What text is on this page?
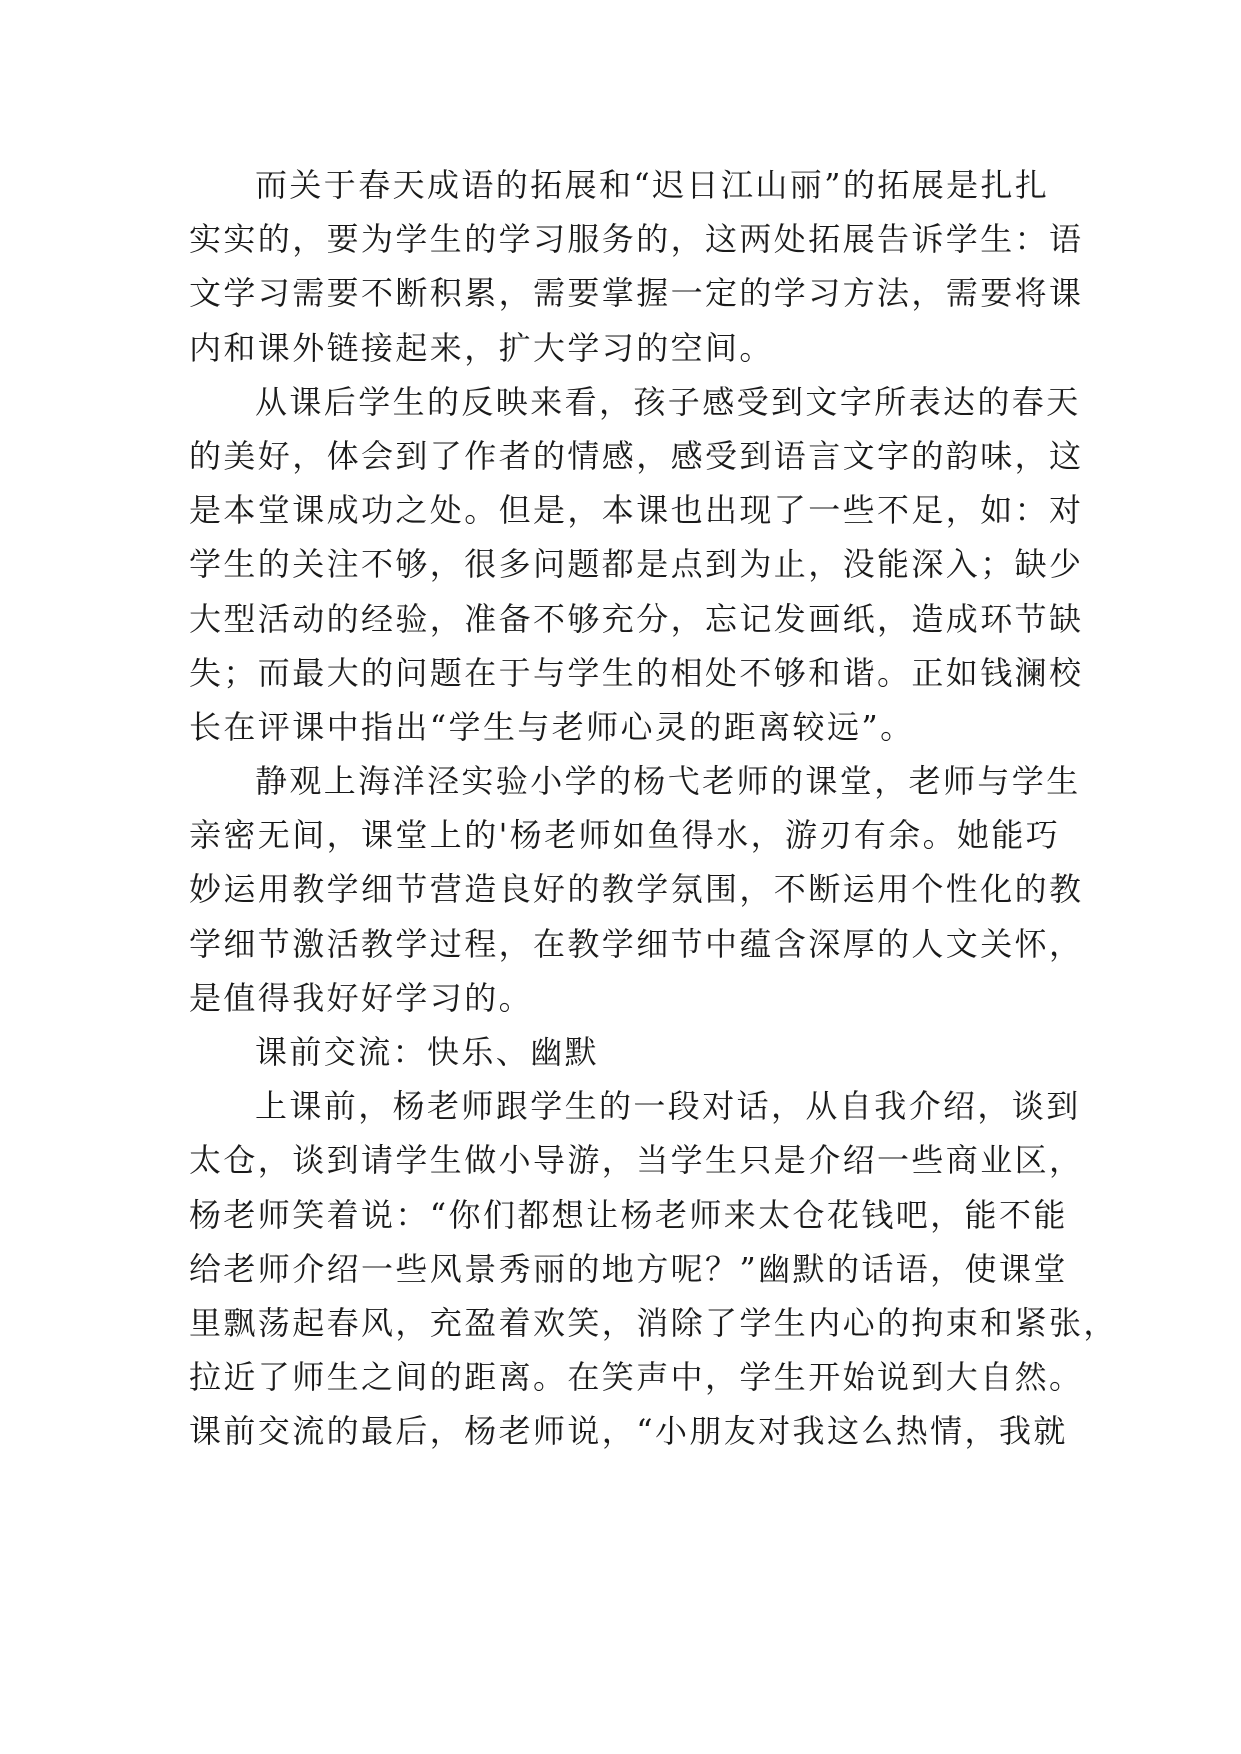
而关于春天成语的拓展和“迟日江山丽”的拓展是扎扎
实实的，要为学生的学习服务的，这两处拓展告诉学生：语
文学习需要不断积累，需要掌握一定的学习方法，需要将课
内和课外链接起来，扩大学习的空间。
从课后学生的反映来看，孩子感受到文字所表达的春天
的美好，体会到了作者的情感，感受到语言文字的韵味，这
是本堂课成功之处。但是，本课也出现了一些不足，如：对
学生的关注不够，很多问题都是点到为止，没能深入；缺少
大型活动的经验，准备不够充分，忘记发画纸，造成环节缺
失；而最大的问题在于与学生的相处不够和谐。正如钱澜校
长在评课中指出“学生与老师心灵的距离较远”。
静观上海洋泾实验小学的杨弋老师的课堂，老师与学生
亲密无间，课堂上的'杨老师如鱼得水，游刃有余。她能巧
妙运用教学细节营造良好的教学氛围，不断运用个性化的教
学细节激活教学过程，在教学细节中蕴含深厚的人文关怀，
是值得我好好学习的。
课前交流：快乐、幽默
上课前，杨老师跟学生的一段对话，从自我介绍，谈到
太仓，谈到请学生做小导游，当学生只是介绍一些商业区，
杨老师笑着说：“你们都想让杨老师来太仓花钱吧，能不能
给老师介绍一些风景秀丽的地方呢？”幽默的话语，使课堂
里飘荡起春风，充盈着欢笑，消除了学生内心的拘束和紧张，
拉近了师生之间的距离。在笑声中，学生开始说到大自然。
课前交流的最后，杨老师说，“小朋友对我这么热情，我就
